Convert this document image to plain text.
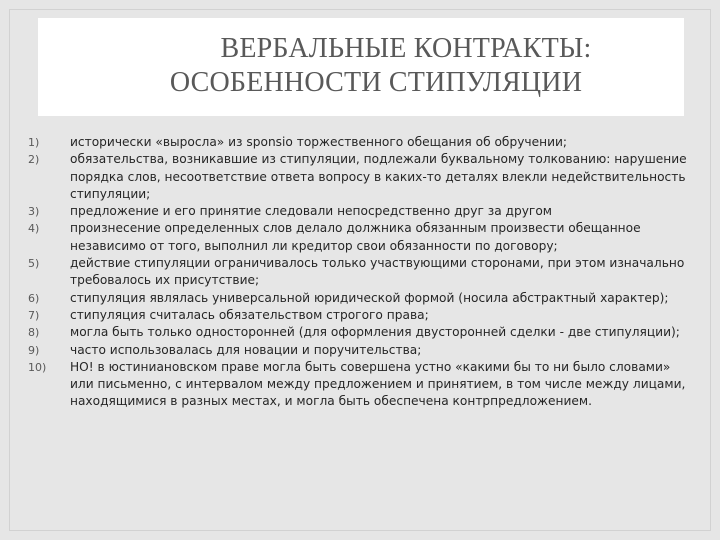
ВЕРБАЛЬНЫЕ КОНТРАКТЫ:
ОСОБЕННОСТИ СТИПУЛЯЦИИ
1)	исторически «выросла» из sponsio торжественного обещания об обручении;
2)	обязательства, возникавшие из стипуляции, подлежали буквальному толкованию: нарушение порядка слов, несоответствие ответа вопросу в каких-то деталях влекли недействительность стипуляции;
3)	предложение и его принятие следовали непосредственно друг за другом
4)	произнесение определенных слов делало должника обязанным произвести обещанное независимо от того, выполнил ли кредитор свои обязанности по договору;
5)	действие стипуляции ограничивалось только участвующими сторонами, при этом изначально требовалось их присутствие;
6)	стипуляция являлась универсальной юридической формой (носила абстрактный характер);
7)	стипуляция считалась обязательством строгого права;
8)	могла быть только односторонней (для оформления двусторонней сделки - две стипуляции);
9)	часто использовалась для новации и поручительства;
10) НО! в юстиниановском праве могла быть совершена устно «какими бы то ни было словами» или письменно, с интервалом между предложением и принятием, в том числе между лицами, находящимися в разных местах, и могла быть обеспечена контрпредложением.
